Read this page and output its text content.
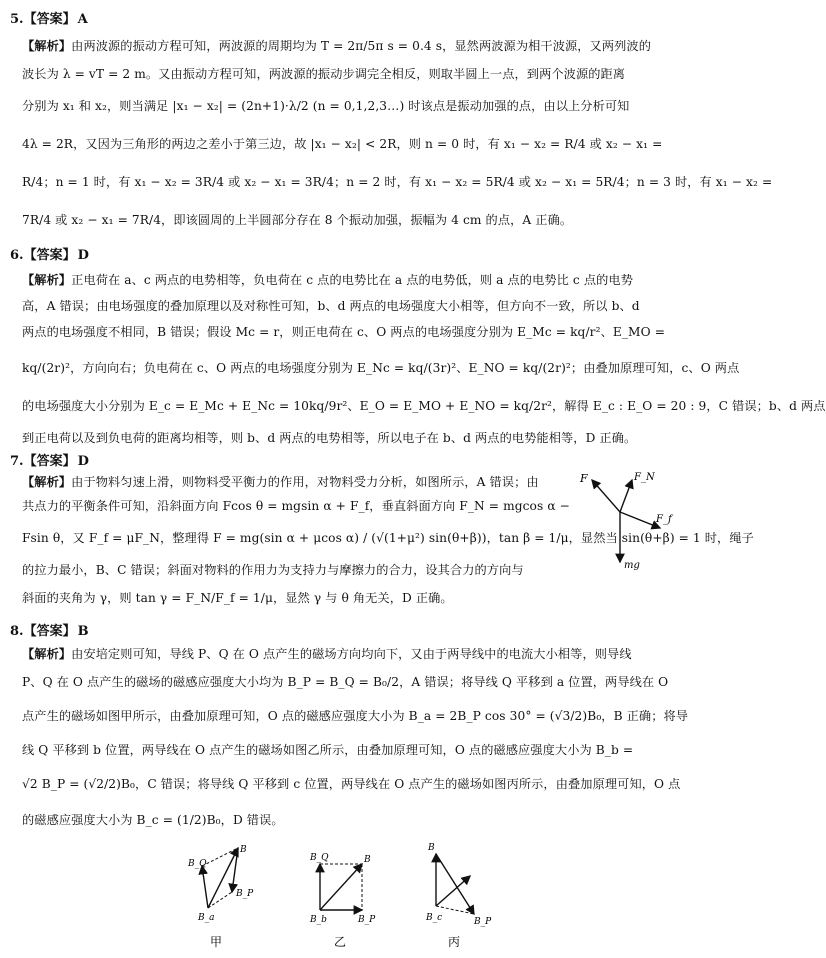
5.【答案】 A
【解析】由两波源的振动方程可知，两波源的周期均为 T = 2π/5π s = 0.4 s，显然两波源为相干波源，又两列波的
波长为 λ = vT = 2 m。又由振动方程可知，两波源的振动步调完全相反，则取半圆上一点，到两个波源的距离
分别为 x₁ 和 x₂，则当满足 |x₁ − x₂| = (2n+1)·λ/2 (n = 0,1,2,3…) 时该点是振动加强的点，由以上分析可知
4λ = 2R，又因为三角形的两边之差小于第三边，故 |x₁ − x₂| < 2R，则 n = 0 时，有 x₁ − x₂ = R/4 或 x₂ − x₁ =
R/4；n = 1 时，有 x₁ − x₂ = 3R/4 或 x₂ − x₁ = 3R/4；n = 2 时，有 x₁ − x₂ = 5R/4 或 x₂ − x₁ = 5R/4；n = 3 时，有 x₁ − x₂ =
7R/4 或 x₂ − x₁ = 7R/4，即该圆周的上半圆部分存在 8 个振动加强，振幅为 4 cm 的点，A 正确。
6.【答案】 D
【解析】正电荷在 a、c 两点的电势相等，负电荷在 c 点的电势比在 a 点的电势低，则 a 点的电势比 c 点的电势
高，A 错误；由电场强度的叠加原理以及对称性可知，b、d 两点的电场强度大小相等，但方向不一致，所以 b、d
两点的电场强度不相同，B 错误；假设 Mc = r，则正电荷在 c、O 两点的电场强度分别为 E_Mc = kq/r²、E_MO =
kq/(2r)²，方向向右；负电荷在 c、O 两点的电场强度分别为 E_Nc = kq/(3r)²、E_NO = kq/(2r)²；由叠加原理可知，c、O 两点
的电场强度大小分别为 E_c = E_Mc + E_Nc = 10kq/9r²、E_O = E_MO + E_NO = kq/2r²，解得 E_c : E_O = 20 : 9，C 错误；b、d 两点
到正电荷以及到负电荷的距离均相等，则 b、d 两点的电势相等，所以电子在 b、d 两点的电势能相等，D 正确。
7.【答案】 D
【解析】由于物料匀速上滑，则物料受平衡力的作用，对物料受力分析，如图所示，A 错误；由
共点力的平衡条件可知，沿斜面方向 Fcos θ = mgsin α + F_f，垂直斜面方向 F_N = mgcos α −
Fsin θ，又 F_f = μF_N，整理得 F = mg(sin α + μcos α) / (√(1+μ²) sin(θ+β))，tan β = 1/μ，显然当 sin(θ+β) = 1 时，绳子
的拉力最小，B、C 错误；斜面对物料的作用力为支持力与摩擦力的合力，设其合力的方向与
斜面的夹角为 γ，则 tan γ = F_N/F_f = 1/μ，显然 γ 与 θ 角无关，D 正确。
F	F_N
F_f
mg
8.【答案】 B
【解析】由安培定则可知，导线 P、Q 在 O 点产生的磁场方向均向下，又由于两导线中的电流大小相等，则导线
P、Q 在 O 点产生的磁场的磁感应强度大小均为 B_P = B_Q = B₀/2，A 错误；将导线 Q 平移到 a 位置，两导线在 O
点产生的磁场如图甲所示，由叠加原理可知，O 点的磁感应强度大小为 B_a = 2B_P cos 30° = (√3/2)B₀，B 正确；将导
线 Q 平移到 b 位置，两导线在 O 点产生的磁场如图乙所示，由叠加原理可知，O 点的磁感应强度大小为 B_b =
√2 B_P = (√2/2)B₀，C 错误；将导线 Q 平移到 c 位置，两导线在 O 点产生的磁场如图丙所示，由叠加原理可知，O 点
的磁感应强度大小为 B_c = (1/2)B₀，D 错误。
B_Q
B
B_P
B_a
甲
B_Q	B
B_b	B_P
乙
B
B_c	B_P
丙
